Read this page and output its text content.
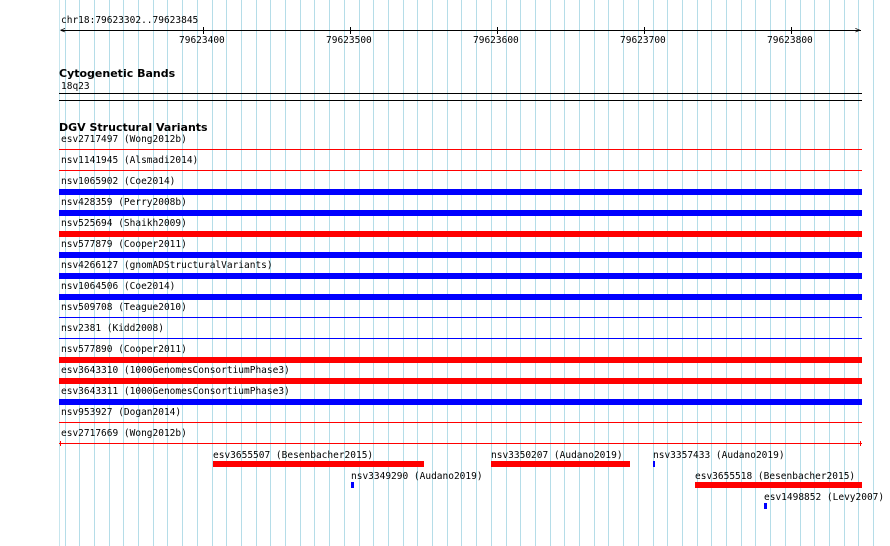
chr18:79623302..79623845
<	>
79623400	79623500	79623600	79623700	79623800
Cytogenetic Bands
18q23
DGV Structural Variants
esv2717497 (Wong2012b)
nsv1141945 (Alsmadi2014)
nsv1065902 (Coe2014)
nsv428359 (Perry2008b)
nsv525694 (Shaikh2009)
nsv577879 (Cooper2011)
nsv4266127 (gnomADStructuralVariants)
nsv1064506 (Coe2014)
nsv509708 (Teague2010)
nsv2381 (Kidd2008)
nsv577890 (Cooper2011)
esv3643310 (1000GenomesConsortiumPhase3)
esv3643311 (1000GenomesConsortiumPhase3)
nsv953927 (Dogan2014)
esv2717669 (Wong2012b)
esv3655507 (Besenbacher2015)	nsv3350207 (Audano2019)	nsv3357433 (Audano2019)
nsv3349290 (Audano2019)	esv3655518 (Besenbacher2015)
esv1498852 (Levy2007)
